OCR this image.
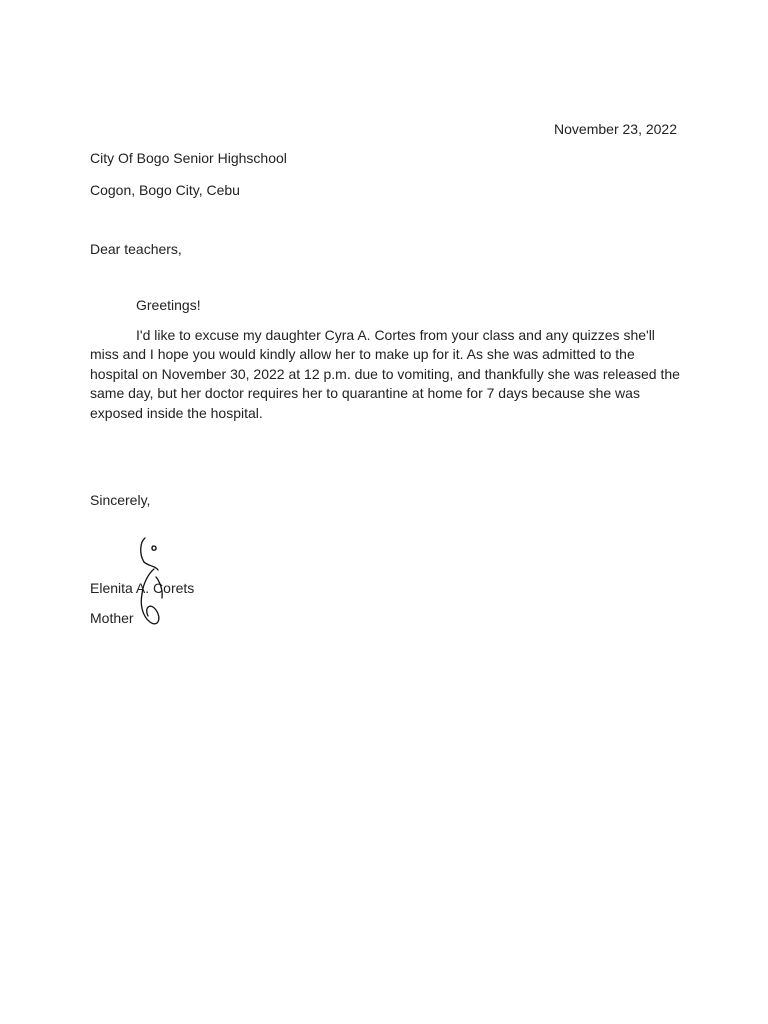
November 23, 2022
City Of Bogo Senior Highschool
Cogon, Bogo City, Cebu
Dear teachers,
Greetings!
I'd like to excuse my daughter Cyra A. Cortes from your class and any quizzes she'll miss and I hope you would kindly allow her to make up for it. As she was admitted to the hospital on November 30, 2022 at 12 p.m. due to vomiting, and thankfully she was released the same day, but her doctor requires her to quarantine at home for 7 days because she was exposed inside the hospital.
Sincerely,
Elenita A. Corets
Mother
